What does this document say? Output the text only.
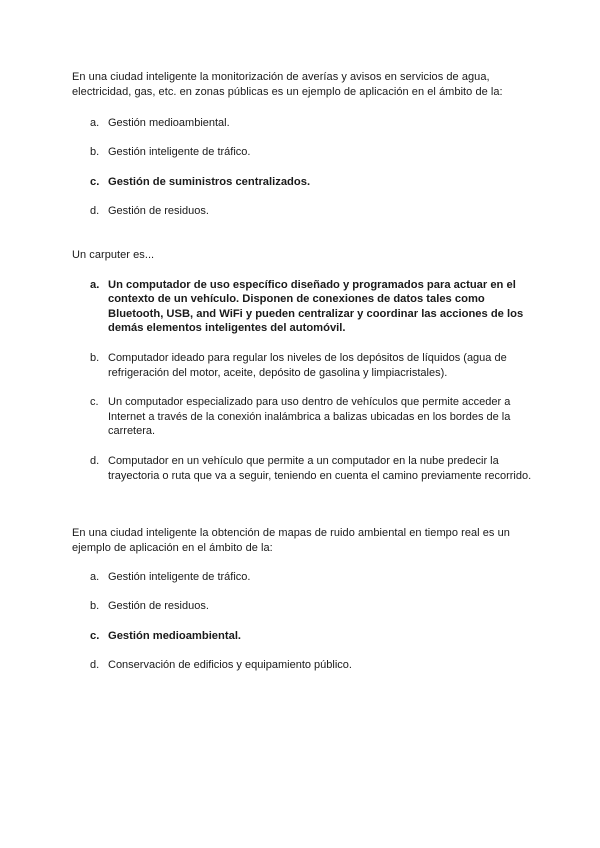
En una ciudad inteligente la monitorización de averías y avisos en servicios de agua, electricidad, gas, etc. en zonas públicas es un ejemplo de aplicación en el ámbito de la:

a. Gestión medioambiental.
b. Gestión inteligente de tráfico.
c. Gestión de suministros centralizados.
d. Gestión de residuos.

Un carputer es...

a. Un computador de uso específico diseñado y programados para actuar en el contexto de un vehículo. Disponen de conexiones de datos tales como Bluetooth, USB, and WiFi y pueden centralizar y coordinar las acciones de los demás elementos inteligentes del automóvil.
b. Computador ideado para regular los niveles de los depósitos de líquidos (agua de refrigeración del motor, aceite, depósito de gasolina y limpiacristales).
c. Un computador especializado para uso dentro de vehículos que permite acceder a Internet a través de la conexión inalámbrica a balizas ubicadas en los bordes de la carretera.
d. Computador en un vehículo que permite a un computador en la nube predecir la trayectoria o ruta que va a seguir, teniendo en cuenta el camino previamente recorrido.

En una ciudad inteligente la obtención de mapas de ruido ambiental en tiempo real es un ejemplo de aplicación en el ámbito de la:

a. Gestión inteligente de tráfico.
b. Gestión de residuos.
c. Gestión medioambiental.
d. Conservación de edificios y equipamiento público.
